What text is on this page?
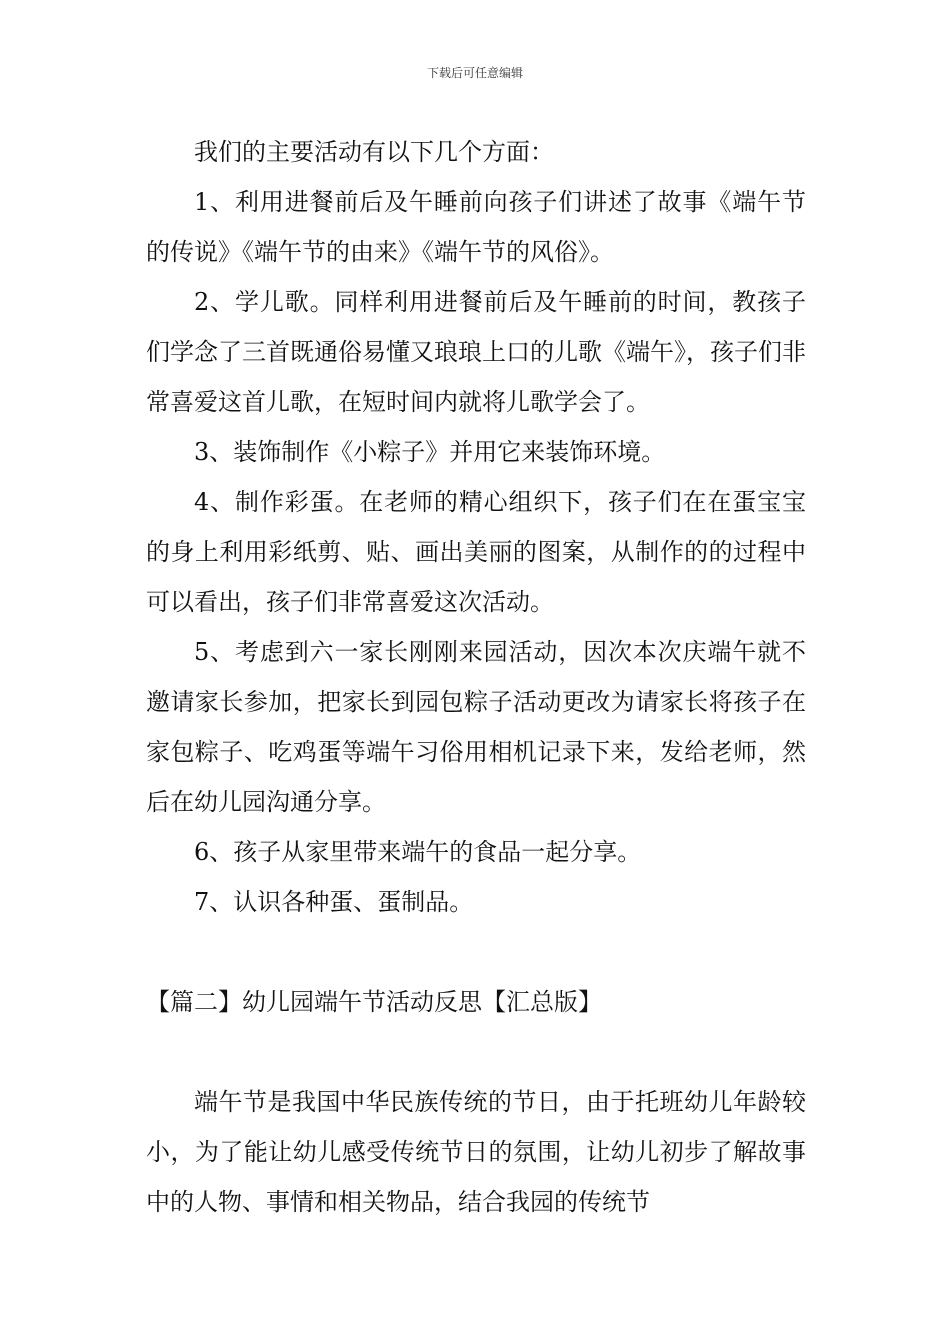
下载后可任意编辑

我们的主要活动有以下几个方面：

1、利用进餐前后及午睡前向孩子们讲述了故事《端午节的传说》《端午节的由来》《端午节的风俗》。

2、学儿歌。同样利用进餐前后及午睡前的时间，教孩子们学念了三首既通俗易懂又琅琅上口的儿歌《端午》，孩子们非常喜爱这首儿歌，在短时间内就将儿歌学会了。

3、装饰制作《小粽子》并用它来装饰环境。

4、制作彩蛋。在老师的精心组织下，孩子们在在蛋宝宝的身上利用彩纸剪、贴、画出美丽的图案，从制作的的过程中可以看出，孩子们非常喜爱这次活动。

5、考虑到六一家长刚刚来园活动，因次本次庆端午就不邀请家长参加，把家长到园包粽子活动更改为请家长将孩子在家包粽子、吃鸡蛋等端午习俗用相机记录下来，发给老师，然后在幼儿园沟通分享。

6、孩子从家里带来端午的食品一起分享。

7、认识各种蛋、蛋制品。

【篇二】幼儿园端午节活动反思【汇总版】

端午节是我国中华民族传统的节日，由于托班幼儿年龄较小，为了能让幼儿感受传统节日的氛围，让幼儿初步了解故事中的人物、事情和相关物品，结合我园的传统节
